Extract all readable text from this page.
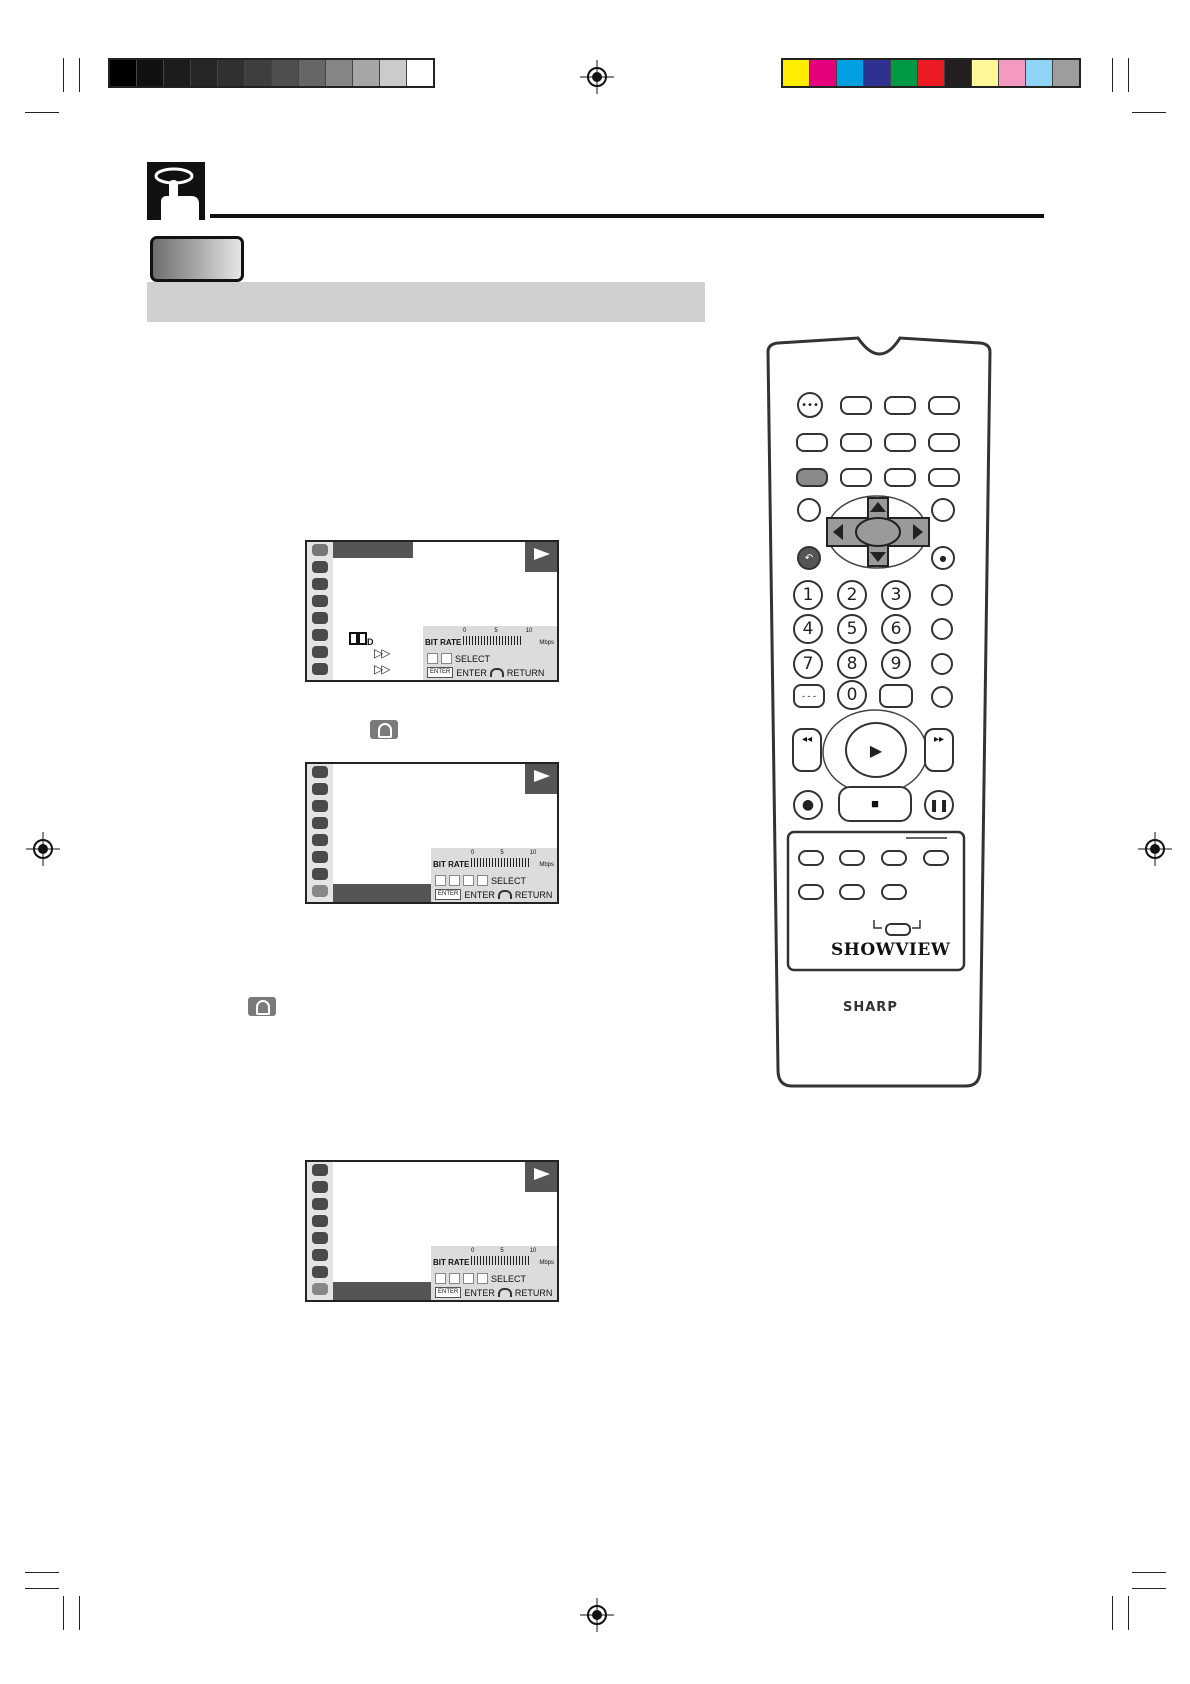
D
▷▷
▷▷
0	5	10
BIT RATE	Mbps
SELECT
ENTER ENTER RETURN
0	5	10
BIT RATE	Mbps
SELECT
ENTER ENTER RETURN
0	5	10
BIT RATE	Mbps
SELECT
ENTER ENTER RETURN
•••
↶	●
1	2	3
4	5	6
7	8	9
- - -	0
◂◂
▶
▸▸
●	■	❚❚
SHOWVIEW
SHARP
